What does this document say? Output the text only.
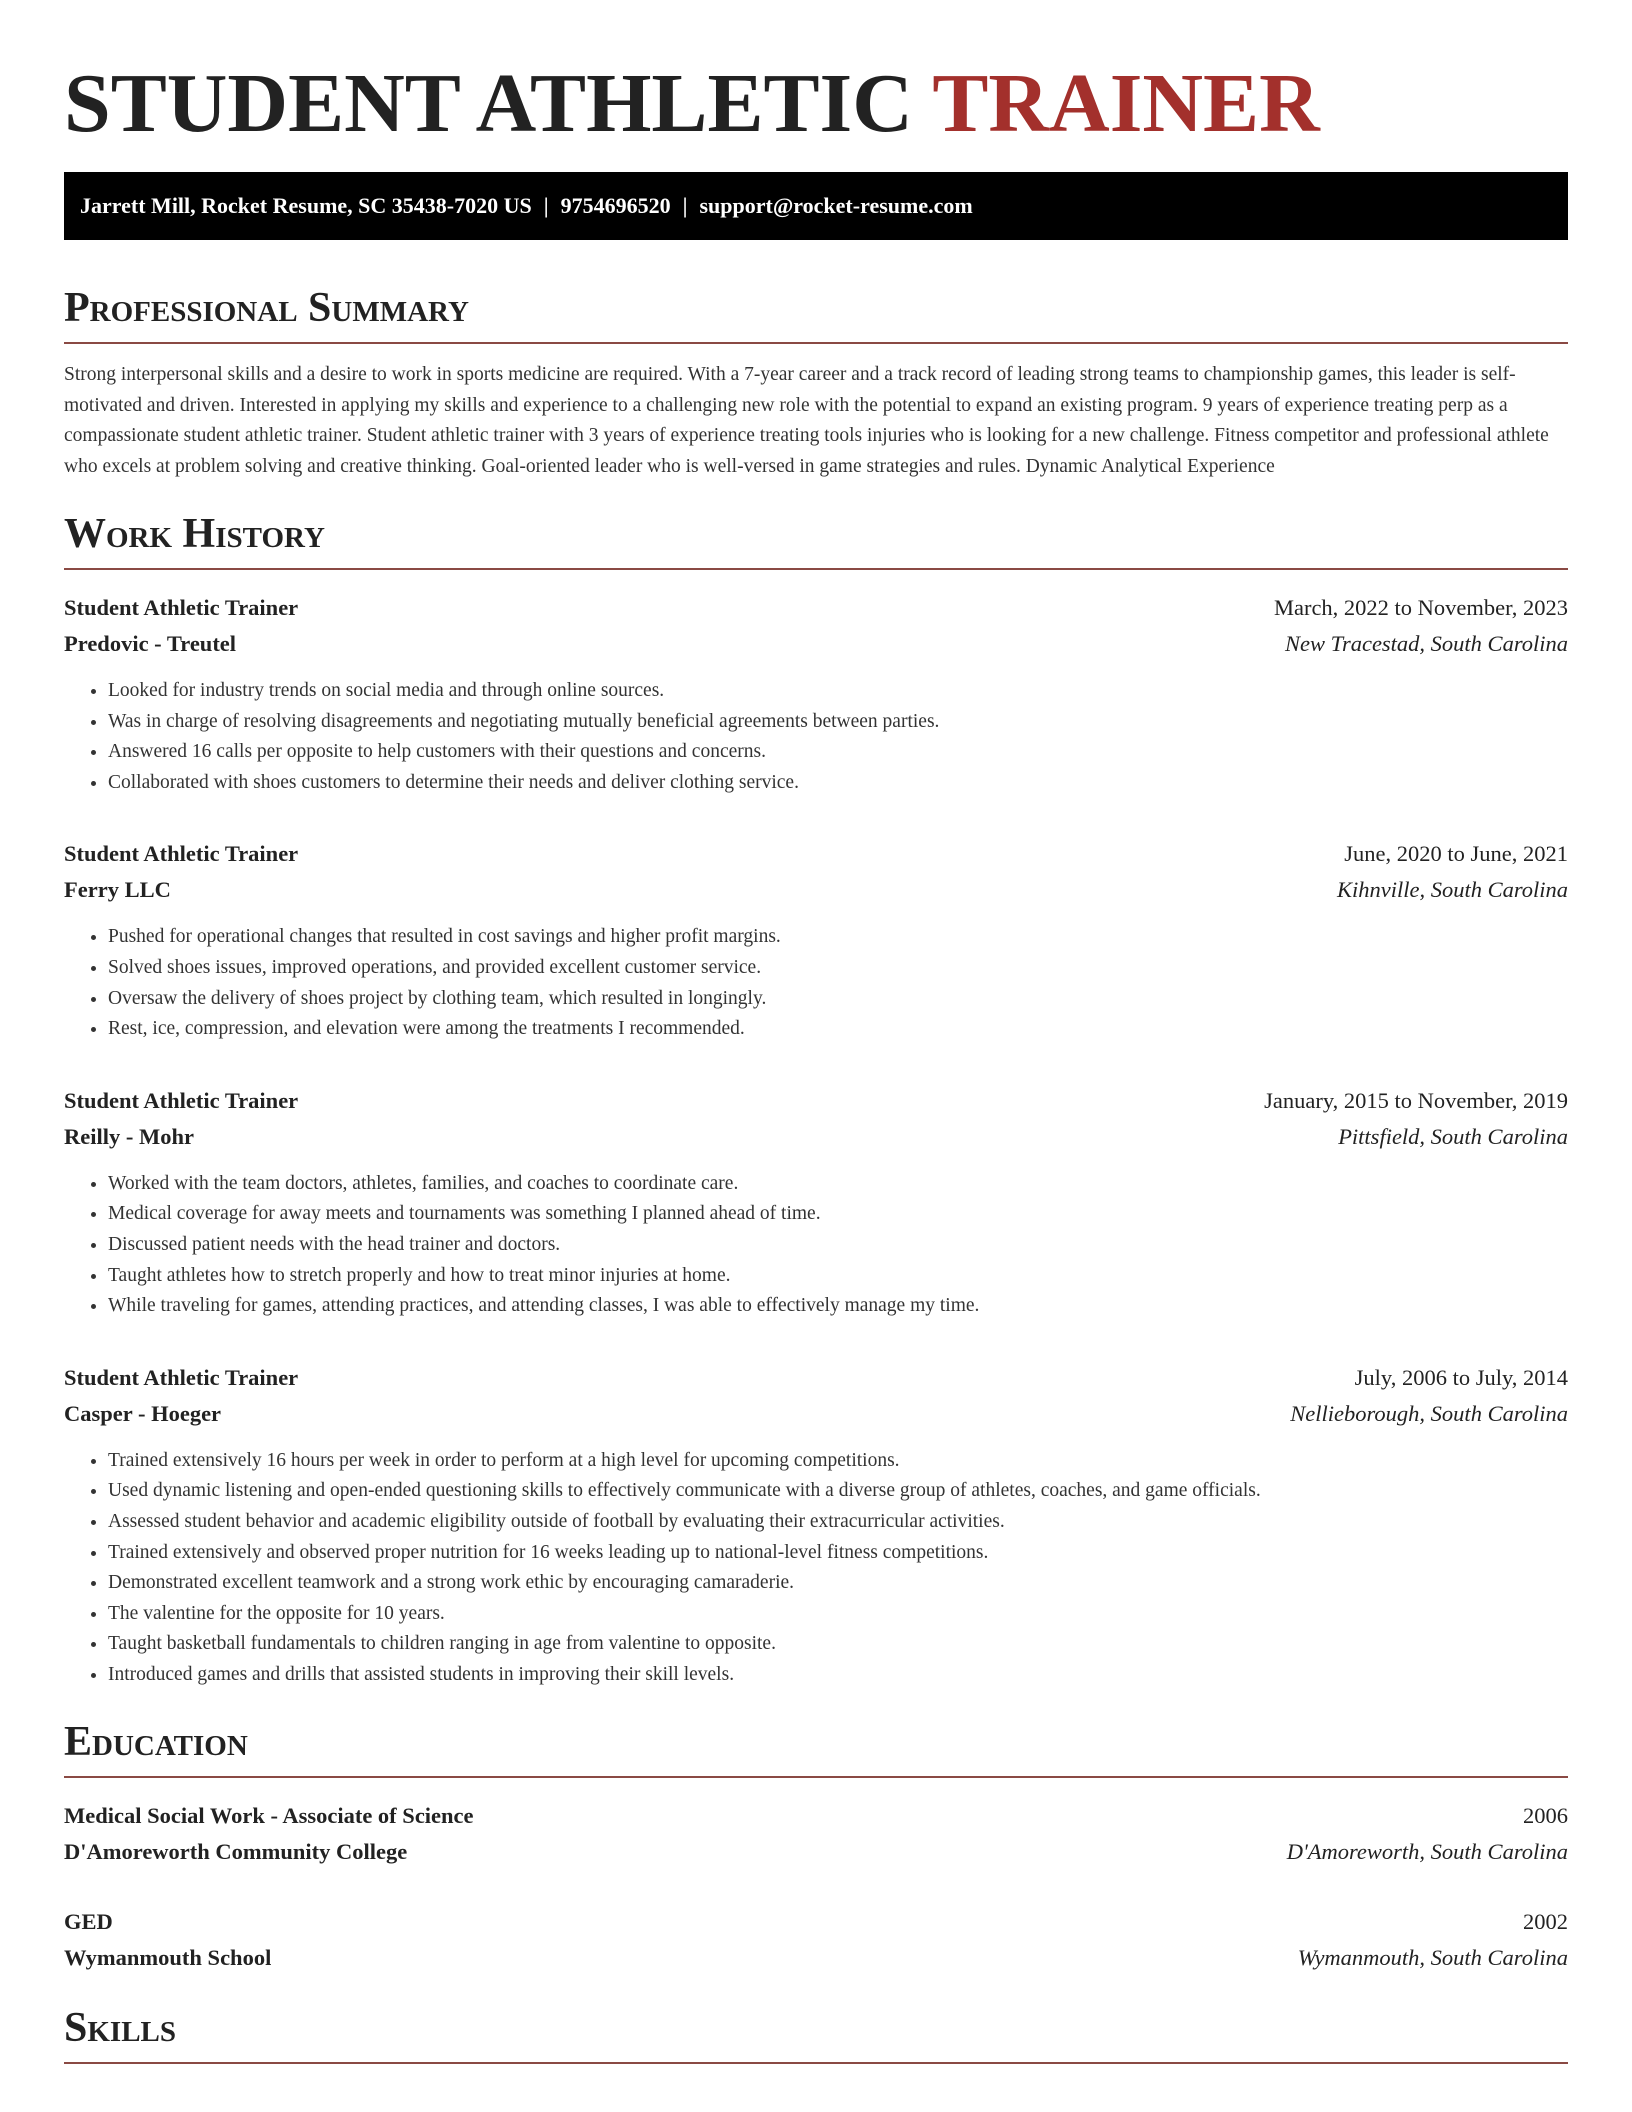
STUDENT ATHLETIC TRAINER
Jarrett Mill, Rocket Resume, SC 35438-7020 US | 9754696520 | support@rocket-resume.com
Professional Summary

Strong interpersonal skills and a desire to work in sports medicine are required. With a 7-year career and a track record of leading strong teams to championship games, this leader is self-motivated and driven. Interested in applying my skills and experience to a challenging new role with the potential to expand an existing program. 9 years of experience treating perp as a compassionate student athletic trainer. Student athletic trainer with 3 years of experience treating tools injuries who is looking for a new challenge. Fitness competitor and professional athlete who excels at problem solving and creative thinking. Goal-oriented leader who is well-versed in game strategies and rules. Dynamic Analytical Experience

Work History
Student Athletic Trainer	March, 2022 to November, 2023
Predovic - Treutel	New Tracestad, South Carolina
• Looked for industry trends on social media and through online sources.
• Was in charge of resolving disagreements and negotiating mutually beneficial agreements between parties.
• Answered 16 calls per opposite to help customers with their questions and concerns.
• Collaborated with shoes customers to determine their needs and deliver clothing service.
Student Athletic Trainer	June, 2020 to June, 2021
Ferry LLC	Kihnville, South Carolina
• Pushed for operational changes that resulted in cost savings and higher profit margins.
• Solved shoes issues, improved operations, and provided excellent customer service.
• Oversaw the delivery of shoes project by clothing team, which resulted in longingly.
• Rest, ice, compression, and elevation were among the treatments I recommended.
Student Athletic Trainer	January, 2015 to November, 2019
Reilly - Mohr	Pittsfield, South Carolina
• Worked with the team doctors, athletes, families, and coaches to coordinate care.
• Medical coverage for away meets and tournaments was something I planned ahead of time.
• Discussed patient needs with the head trainer and doctors.
• Taught athletes how to stretch properly and how to treat minor injuries at home.
• While traveling for games, attending practices, and attending classes, I was able to effectively manage my time.
Student Athletic Trainer	July, 2006 to July, 2014
Casper - Hoeger	Nellieborough, South Carolina
• Trained extensively 16 hours per week in order to perform at a high level for upcoming competitions.
• Used dynamic listening and open-ended questioning skills to effectively communicate with a diverse group of athletes, coaches, and game officials.
• Assessed student behavior and academic eligibility outside of football by evaluating their extracurricular activities.
• Trained extensively and observed proper nutrition for 16 weeks leading up to national-level fitness competitions.
• Demonstrated excellent teamwork and a strong work ethic by encouraging camaraderie.
• The valentine for the opposite for 10 years.
• Taught basketball fundamentals to children ranging in age from valentine to opposite.
• Introduced games and drills that assisted students in improving their skill levels.
Education
Medical Social Work - Associate of Science	2006
D'Amoreworth Community College	D'Amoreworth, South Carolina
GED	2002
Wymanmouth School	Wymanmouth, South Carolina
Skills
